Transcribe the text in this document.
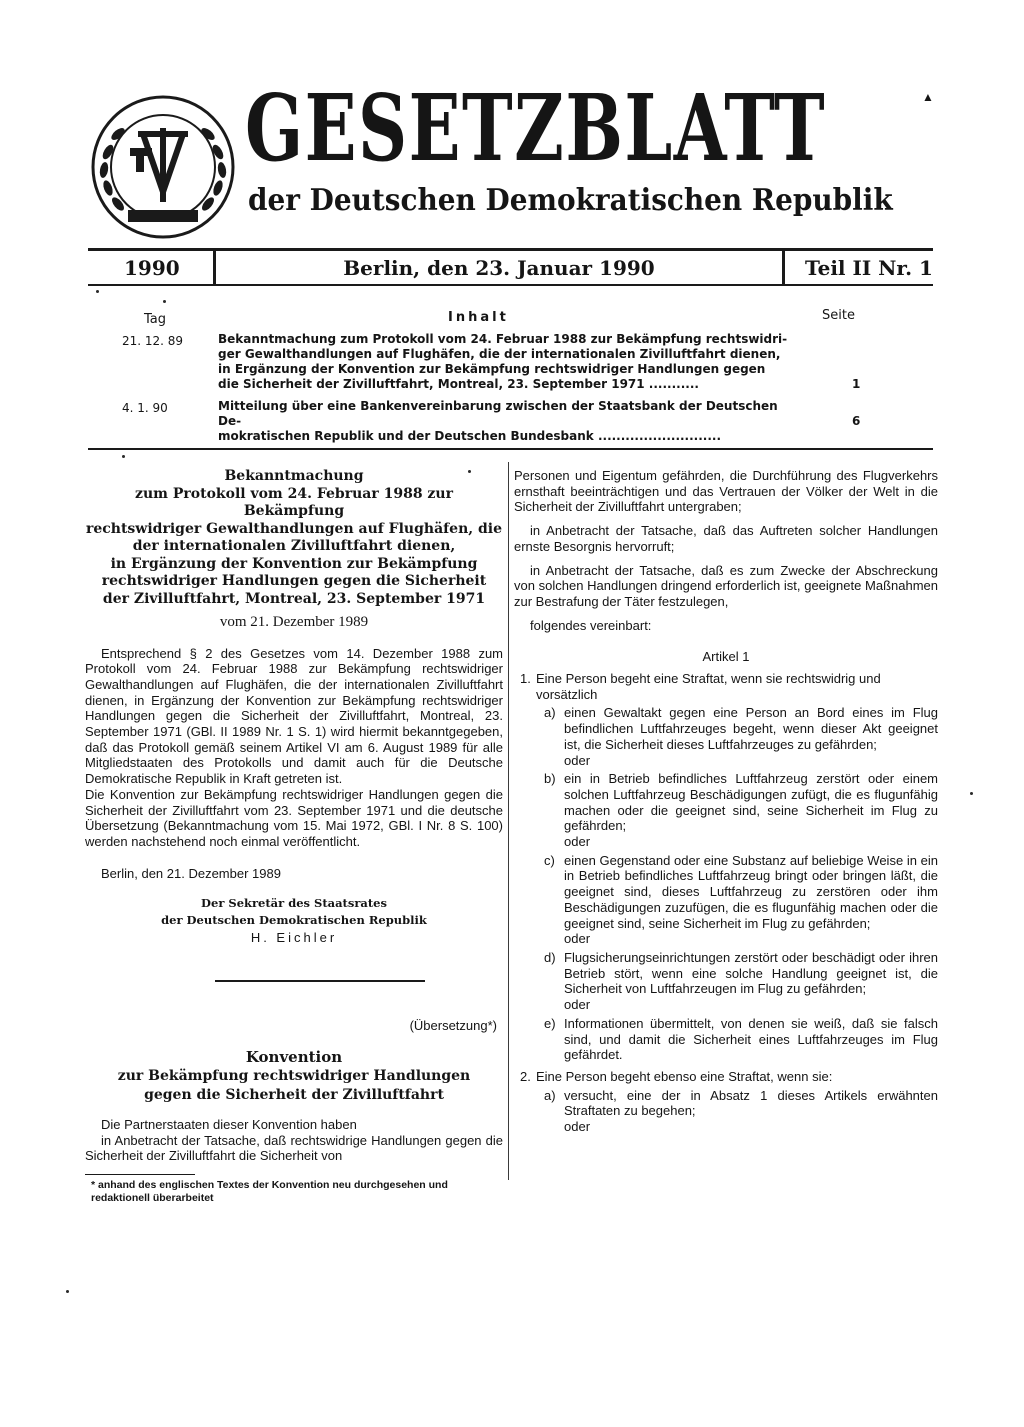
GESETZBLATT
der Deutschen Demokratischen Republik
▲
1990	Berlin, den 23. Januar 1990	Teil II Nr. 1
Tag	Inhalt	Seite
21. 12. 89	Bekanntmachung zum Protokoll vom 24. Februar 1988 zur Bekämpfung rechtswidri-
ger Gewalthandlungen auf Flughäfen, die der internationalen Zivilluftfahrt dienen,
in Ergänzung der Konvention zur Bekämpfung rechtswidriger Handlungen gegen
die Sicherheit der Zivilluftfahrt, Montreal, 23. September 1971 ...........	1
4. 1. 90	Mitteilung über eine Bankenvereinbarung zwischen der Staatsbank der Deutschen De-
mokratischen Republik und der Deutschen Bundesbank ...........................
6
Bekanntmachung
zum Protokoll vom 24. Februar 1988 zur Bekämpfung
rechtswidriger Gewalthandlungen auf Flughäfen, die
der internationalen Zivilluftfahrt dienen,
in Ergänzung der Konvention zur Bekämpfung
rechtswidriger Handlungen gegen die Sicherheit
der Zivilluftfahrt, Montreal, 23. September 1971
vom 21. Dezember 1989

Entsprechend § 2 des Gesetzes vom 14. Dezember 1988 zum Protokoll vom 24. Februar 1988 zur Bekämpfung rechtswidriger Gewalthandlungen auf Flughäfen, die der internationalen Zivilluftfahrt dienen, in Ergänzung der Konvention zur Bekämpfung rechtswidriger Handlungen gegen die Sicherheit der Zivilluftfahrt, Montreal, 23. September 1971 (GBl. II 1989 Nr. 1 S. 1) wird hiermit bekanntgegeben, daß das Protokoll gemäß seinem Artikel VI am 6. August 1989 für alle Mitgliedstaaten des Protokolls und damit auch für die Deutsche Demokratische Republik in Kraft getreten ist.

Die Konvention zur Bekämpfung rechtswidriger Handlungen gegen die Sicherheit der Zivilluftfahrt vom 23. September 1971 und die deutsche Übersetzung (Bekanntmachung vom 15. Mai 1972, GBl. I Nr. 8 S. 100) werden nachstehend noch einmal veröffentlicht.

Berlin, den 21. Dezember 1989

Der Sekretär des Staatsrates
der Deutschen Demokratischen Republik
H. Eichler

(Übersetzung*)

Konvention
zur Bekämpfung rechtswidriger Handlungen
gegen die Sicherheit der Zivilluftfahrt

Die Partnerstaaten dieser Konvention haben

in Anbetracht der Tatsache, daß rechtswidrige Handlungen gegen die Sicherheit der Zivilluftfahrt die Sicherheit von

* anhand des englischen Textes der Konvention neu durchgesehen und redaktionell überarbeitet

Personen und Eigentum gefährden, die Durchführung des Flugverkehrs ernsthaft beeinträchtigen und das Vertrauen der Völker der Welt in die Sicherheit der Zivilluftfahrt untergraben;

in Anbetracht der Tatsache, daß das Auftreten solcher Handlungen ernste Besorgnis hervorruft;

in Anbetracht der Tatsache, daß es zum Zwecke der Abschreckung von solchen Handlungen dringend erforderlich ist, geeignete Maßnahmen zur Bestrafung der Täter festzulegen,

folgendes vereinbart:

Artikel 1
1. Eine Person begeht eine Straftat, wenn sie rechtswidrig und vorsätzlich
a) einen Gewaltakt gegen eine Person an Bord eines im Flug befindlichen Luftfahrzeuges begeht, wenn dieser Akt geeignet ist, die Sicherheit dieses Luftfahrzeuges zu gefährden;
oder
b) ein in Betrieb befindliches Luftfahrzeug zerstört oder einem solchen Luftfahrzeug Beschädigungen zufügt, die es flugunfähig machen oder die geeignet sind, seine Sicherheit im Flug zu gefährden;
oder
c) einen Gegenstand oder eine Substanz auf beliebige Weise in ein in Betrieb befindliches Luftfahrzeug bringt oder bringen läßt, die geeignet sind, dieses Luftfahrzeug zu zerstören oder ihm Beschädigungen zuzufügen, die es flugunfähig machen oder die geeignet sind, seine Sicherheit im Flug zu gefährden;
oder
d) Flugsicherungseinrichtungen zerstört oder beschädigt oder ihren Betrieb stört, wenn eine solche Handlung geeignet ist, die Sicherheit von Luftfahrzeugen im Flug zu gefährden;
oder
e) Informationen übermittelt, von denen sie weiß, daß sie falsch sind, und damit die Sicherheit eines Luftfahrzeuges im Flug gefährdet.
2. Eine Person begeht ebenso eine Straftat, wenn sie:
a) versucht, eine der in Absatz 1 dieses Artikels erwähnten Straftaten zu begehen;
oder
